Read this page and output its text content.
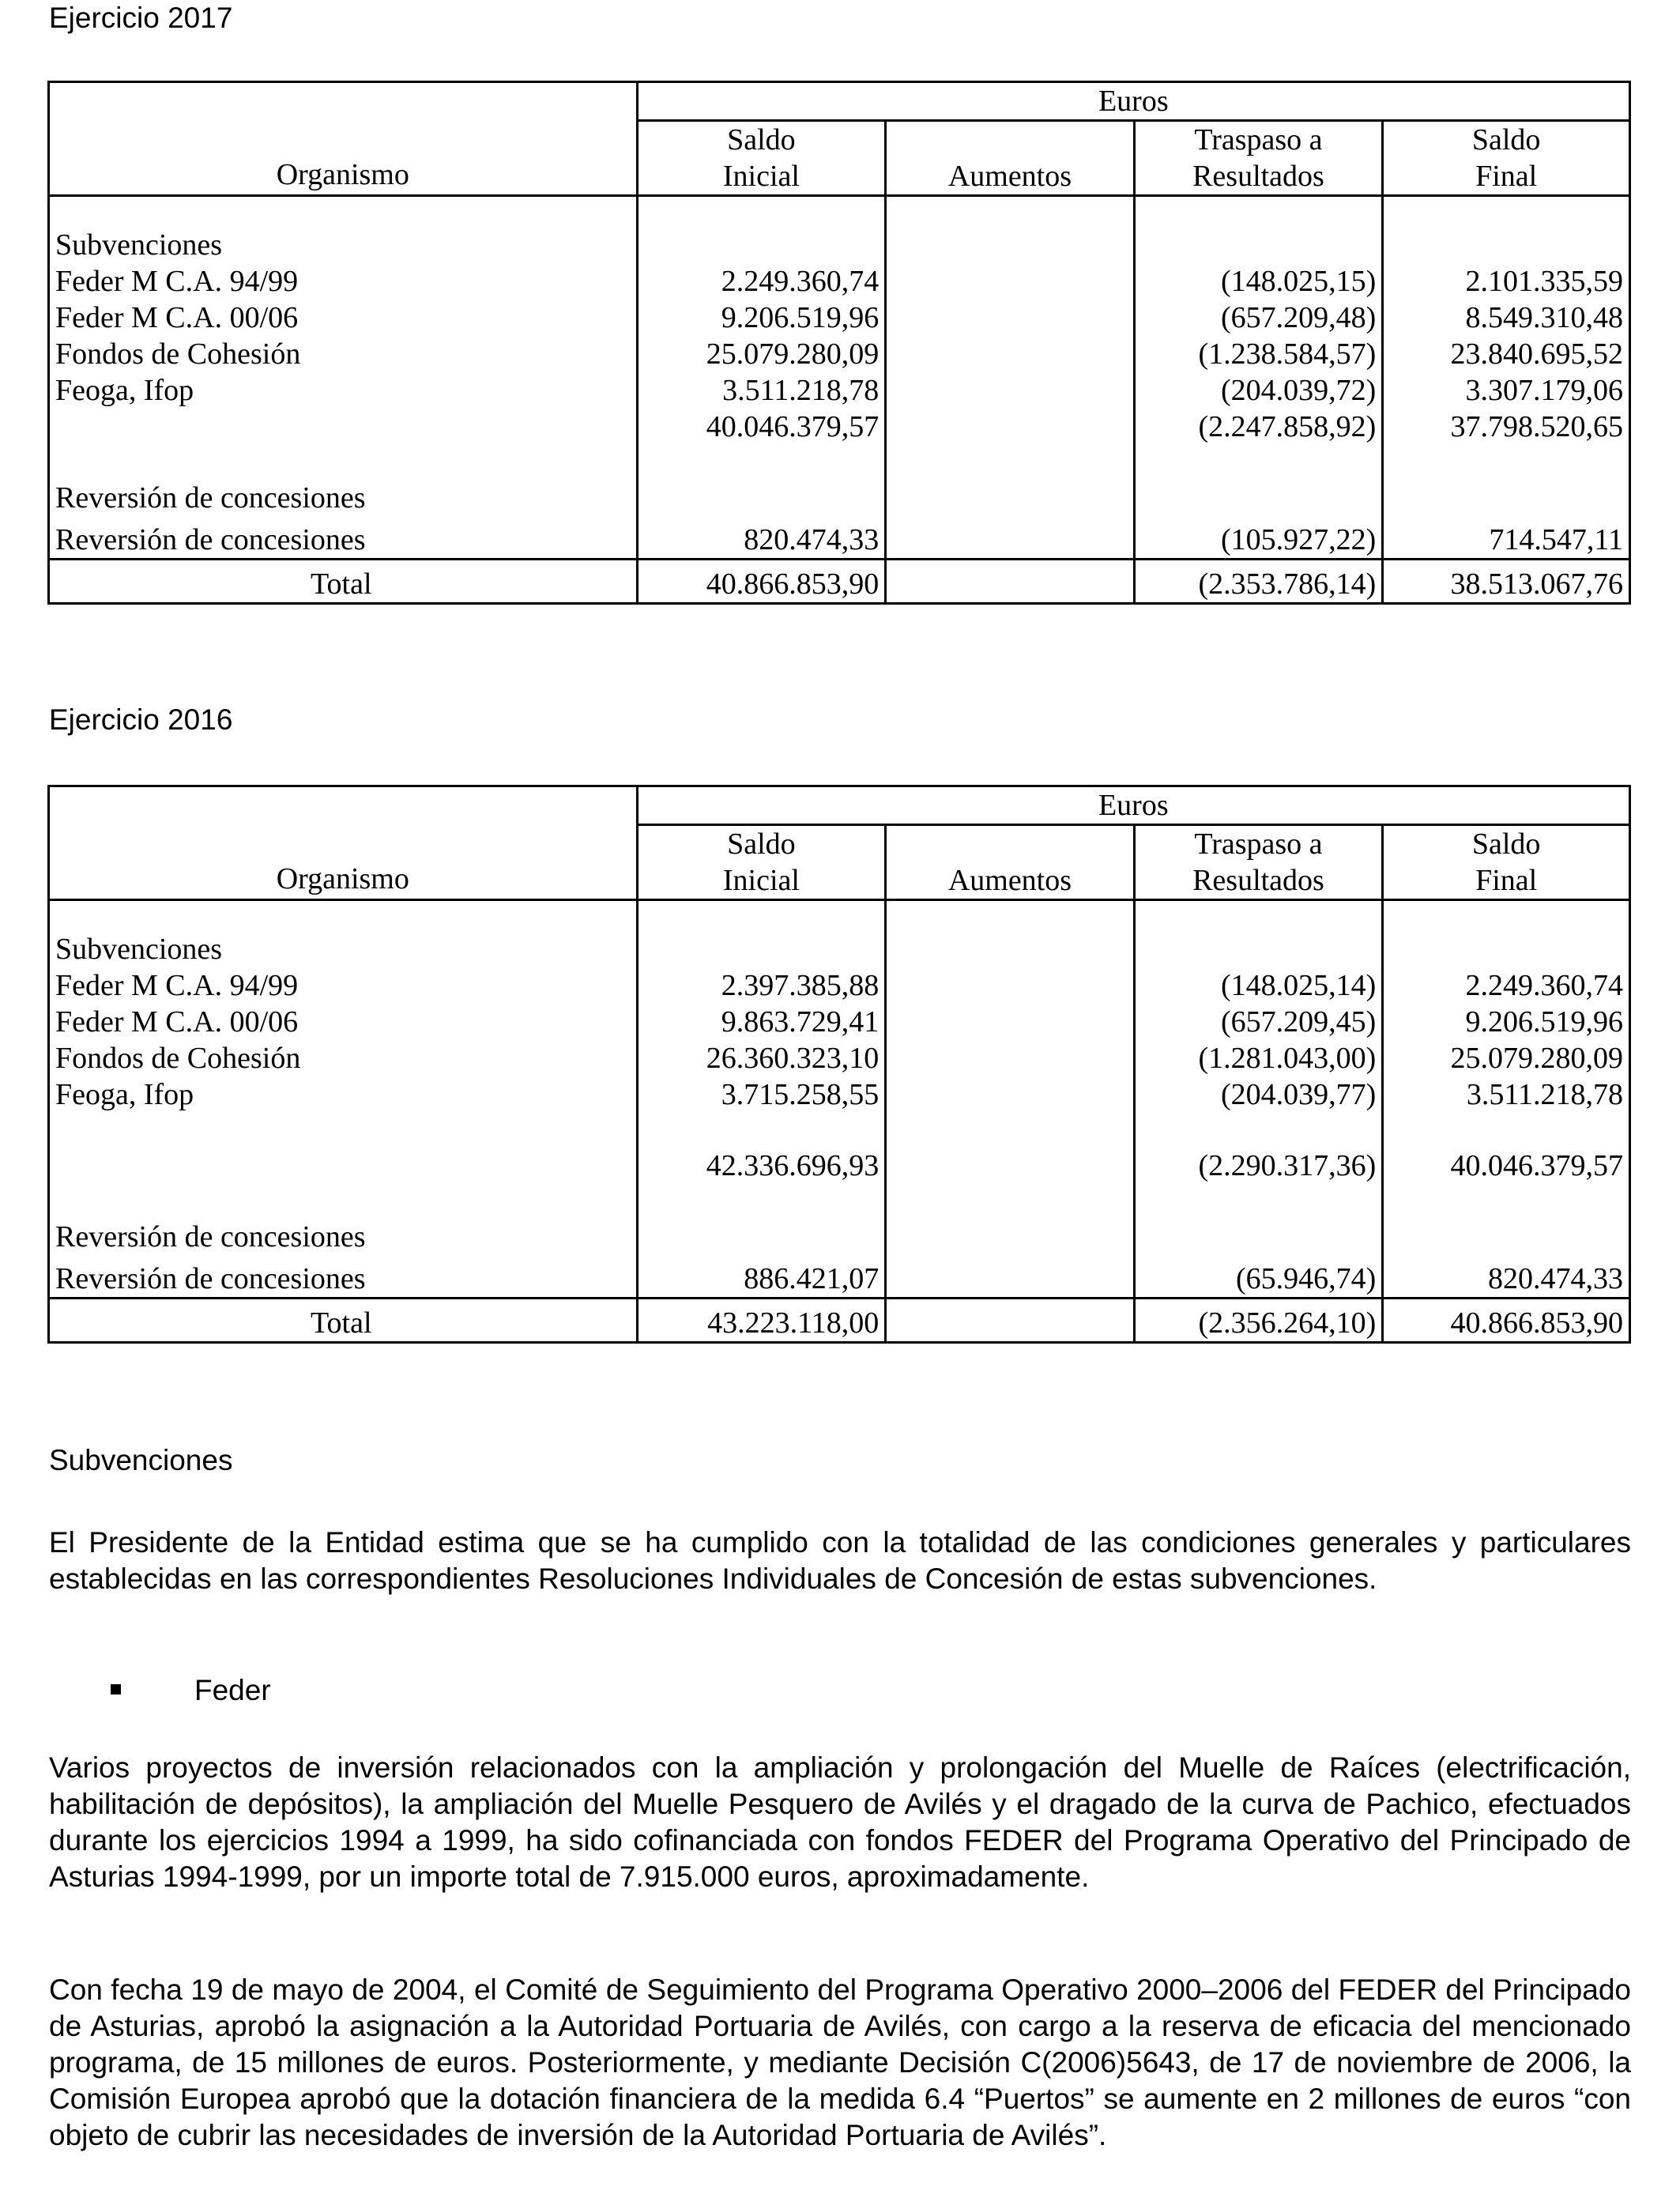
Ejercicio 2017
Organismo	Euros			
	Saldo	Aumentos	Traspaso a	Saldo
	Inicial		Resultados	Final

Subvenciones				
Feder M C.A. 94/99	2.249.360,74		(148.025,15)	2.101.335,59
Feder M C.A. 00/06	9.206.519,96		(657.209,48)	8.549.310,48
Fondos de Cohesión	25.079.280,09		(1.238.584,57)	23.840.695,52
Feoga, Ifop	3.511.218,78		(204.039,72)	3.307.179,06
	40.046.379,57		(2.247.858,92)	37.798.520,65

Reversión de concesiones				
Reversión de concesiones	820.474,33		(105.927,22)	714.547,11
Total	40.866.853,90		(2.353.786,14)	38.513.067,76
Ejercicio 2016
Organismo	Euros			
	Saldo	Aumentos	Traspaso a	Saldo
	Inicial		Resultados	Final

Subvenciones				
Feder M C.A. 94/99	2.397.385,88		(148.025,14)	2.249.360,74
Feder M C.A. 00/06	9.863.729,41		(657.209,45)	9.206.519,96
Fondos de Cohesión	26.360.323,10		(1.281.043,00)	25.079.280,09
Feoga, Ifop	3.715.258,55		(204.039,77)	3.511.218,78

	42.336.696,93		(2.290.317,36)	40.046.379,57

Reversión de concesiones				
Reversión de concesiones	886.421,07		(65.946,74)	820.474,33
Total	43.223.118,00		(2.356.264,10)	40.866.853,90
Subvenciones
El Presidente de la Entidad estima que se ha cumplido con la totalidad de las condiciones generales y particulares establecidas en las correspondientes Resoluciones Individuales de Concesión de estas subvenciones.
Feder
Varios proyectos de inversión relacionados con la ampliación y prolongación del Muelle de Raíces (electrificación, habilitación de depósitos), la ampliación del Muelle Pesquero de Avilés y el dragado de la curva de Pachico, efectuados durante los ejercicios 1994 a 1999, ha sido cofinanciada con fondos FEDER del Programa Operativo del Principado de Asturias 1994-1999, por un importe total de 7.915.000 euros, aproximadamente.
Con fecha 19 de mayo de 2004, el Comité de Seguimiento del Programa Operativo 2000–2006 del FEDER del Principado de Asturias, aprobó la asignación a la Autoridad Portuaria de Avilés, con cargo a la reserva de eficacia del mencionado programa, de 15 millones de euros. Posteriormente, y mediante Decisión C(2006)5643, de 17 de noviembre de 2006, la Comisión Europea aprobó que la dotación financiera de la medida 6.4 “Puertos” se aumente en 2 millones de euros “con objeto de cubrir las necesidades de inversión de la Autoridad Portuaria de Avilés”.
